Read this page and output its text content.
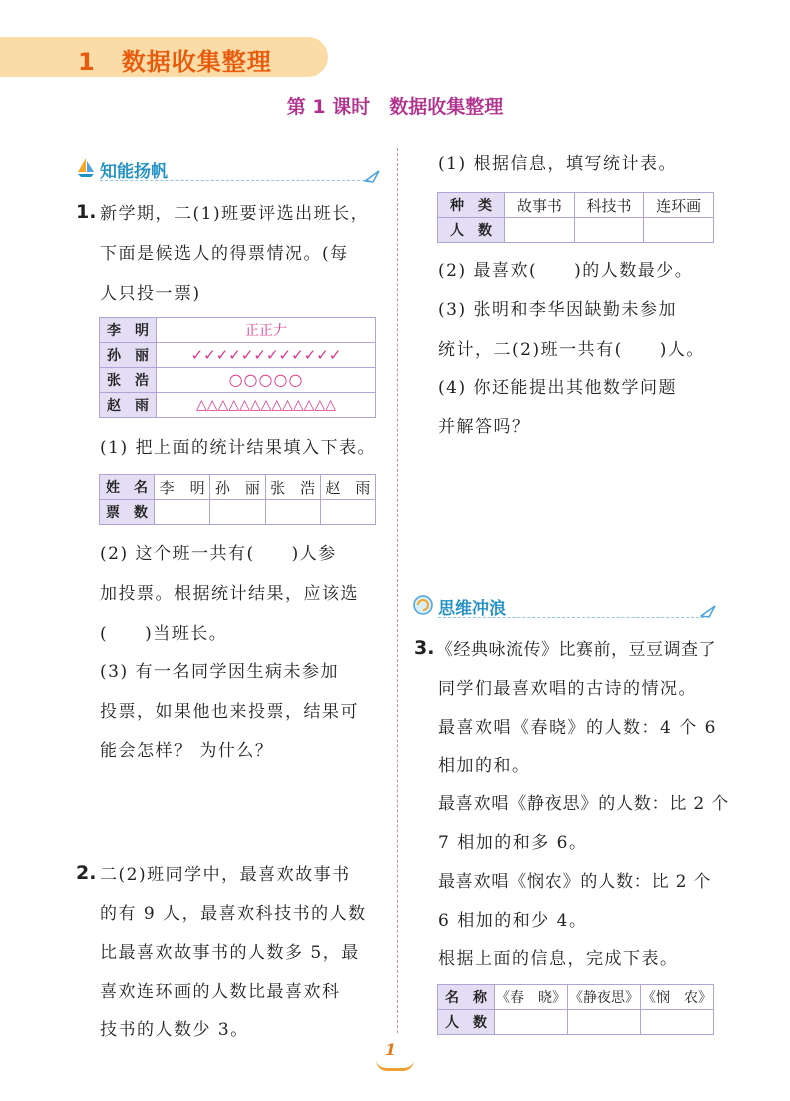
1 数据收集整理
第 1 课时　数据收集整理
知能扬帆
1. 新学期，二(1)班要评选出班长，
下面是候选人的得票情况。(每
人只投一票)
李　明	正正𠂇
孙　丽	✓✓✓✓✓✓✓✓✓✓✓✓
张　浩	○○○○○
赵　雨	△△△△△△△△△△△△△
(1) 把上面的统计结果填入下表。
姓　名	李　明	孙　丽	张　浩	赵　雨
票　数				
(2) 这个班一共有(　　)人参
加投票。根据统计结果，应该选
(　　)当班长。
(3) 有一名同学因生病未参加
投票，如果他也来投票，结果可
能会怎样？ 为什么？
2. 二(2)班同学中，最喜欢故事书
的有 9 人，最喜欢科技书的人数
比最喜欢故事书的人数多 5，最
喜欢连环画的人数比最喜欢科
技书的人数少 3。
(1) 根据信息，填写统计表。
种　类	故事书	科技书	连环画
人　数			
(2) 最喜欢(　　)的人数最少。
(3) 张明和李华因缺勤未参加
统计，二(2)班一共有(　　)人。
(4) 你还能提出其他数学问题
并解答吗？
思维冲浪
3. 《经典咏流传》比赛前，豆豆调查了
同学们最喜欢唱的古诗的情况。
最喜欢唱《春晓》的人数：4 个 6
相加的和。
最喜欢唱《静夜思》的人数：比 2 个
7 相加的和多 6。
最喜欢唱《悯农》的人数：比 2 个
6 相加的和少 4。
根据上面的信息，完成下表。
名　称	《春　晓》	《静夜思》	《悯　农》
人　数			
1
